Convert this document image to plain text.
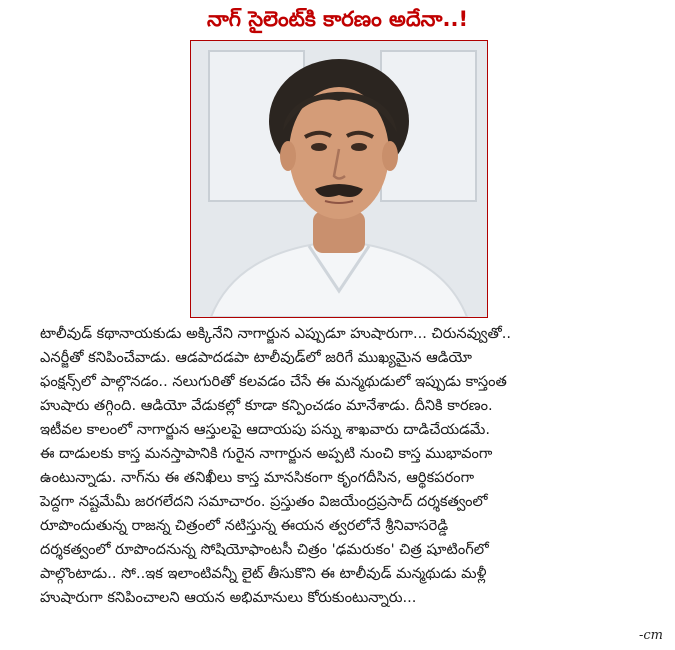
నాగ్ సైలెంట్‌కి కారణం అదేనా..!

టాలీవుడ్ కథానాయకుడు అక్కినేని నాగార్జున ఎప్పుడూ హుషారుగా... చిరునవ్వుతో..

ఎనర్జీతో కనిపించేవాడు. ఆడపాదడపా టాలీవుడ్‌లో జరిగే ముఖ్యమైన ఆడియో

ఫంక్షన్స్‌లో పాల్గొనడం.. నలుగురితో కలవడం చేసే ఈ మన్మథుడులో ఇప్పుడు కాస్తంత

హుషారు తగ్గింది. ఆడియో వేడుకల్లో కూడా కన్పించడం మానేశాడు. దీనికి కారణం.

ఇటీవల కాలంలో నాగార్జున ఆస్తులపై ఆదాయపు పన్ను శాఖవారు దాడిచేయడమే.

ఈ దాడులకు కాస్త మనస్తాపానికి గురైన నాగార్జున అప్పటి నుంచి కాస్త ముభావంగా

ఉంటున్నాడు. నాగ్‌ను ఈ తనిఖీలు కాస్త మానసికంగా కృంగదీసిన, ఆర్థికపరంగా

పెద్దగా నష్టమేమీ జరగలేదని సమాచారం. ప్రస్తుతం విజయేంద్రప్రసాద్ దర్శకత్వంలో

రూపొందుతున్న రాజన్న చిత్రంలో నటిస్తున్న ఈయన త్వరలోనే శ్రీనివాసరెడ్డి

దర్శకత్వంలో రూపొందనున్న సోషియోఫాంటసీ చిత్రం 'ఢమరుకం' చిత్ర షూటింగ్‌లో

పాల్గొంటాడు.. సో..ఇక ఇలాంటివన్నీ లైట్ తీసుకొని ఈ టాలీవుడ్ మన్మథుడు మళ్లీ

హుషారుగా కనిపించాలని ఆయన అభిమానులు కోరుకుంటున్నారు...

-cm
